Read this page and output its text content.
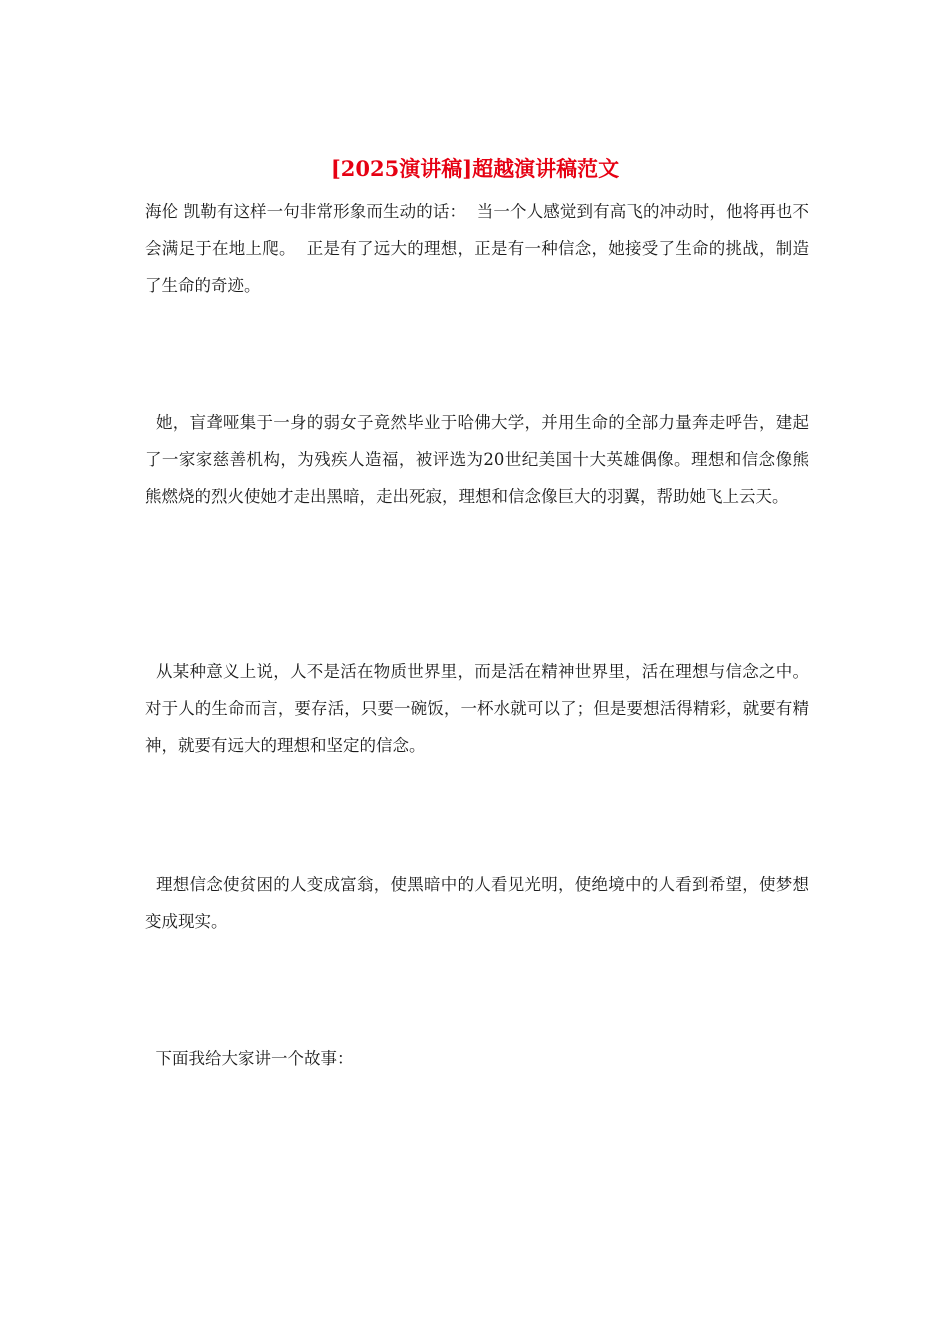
[2025演讲稿]超越演讲稿范文
海伦 凯勒有这样一句非常形象而生动的话：  当一个人感觉到有高飞的冲动时，他将再也不会满足于在地上爬。  正是有了远大的理想，正是有一种信念，她接受了生命的挑战，制造了生命的奇迹。
她，盲聋哑集于一身的弱女子竟然毕业于哈佛大学，并用生命的全部力量奔走呼告，建起了一家家慈善机构，为残疾人造福，被评选为20世纪美国十大英雄偶像。理想和信念像熊熊燃烧的烈火使她才走出黑暗，走出死寂，理想和信念像巨大的羽翼，帮助她飞上云天。
从某种意义上说，人不是活在物质世界里，而是活在精神世界里，活在理想与信念之中。对于人的生命而言，要存活，只要一碗饭，一杯水就可以了；但是要想活得精彩，就要有精神，就要有远大的理想和坚定的信念。
理想信念使贫困的人变成富翁，使黑暗中的人看见光明，使绝境中的人看到希望，使梦想变成现实。
下面我给大家讲一个故事：
